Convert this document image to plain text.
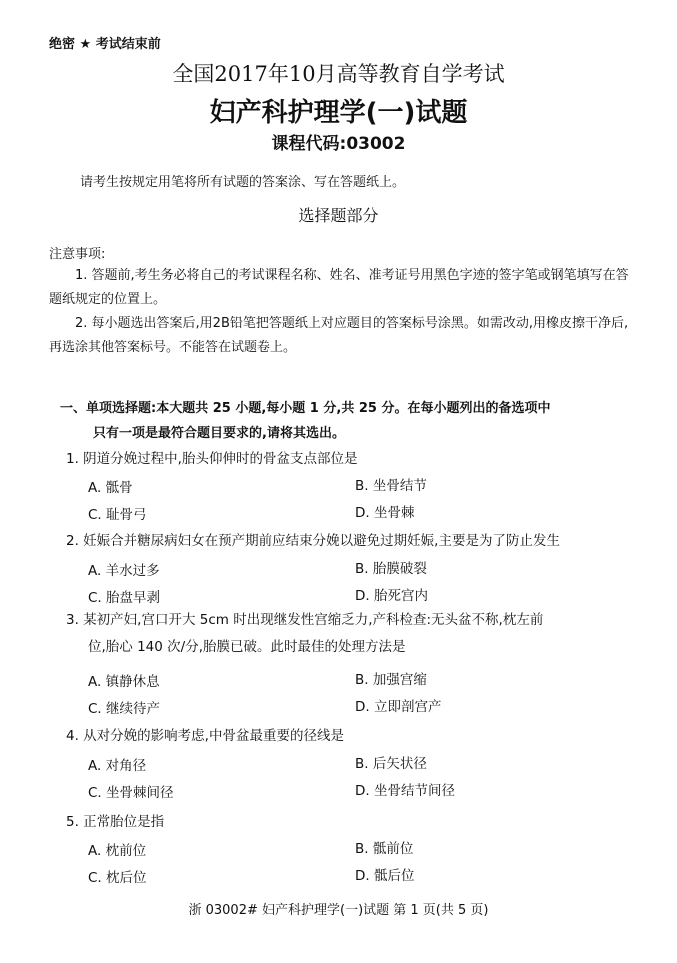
绝密 ★ 考试结束前
全国2017年10月高等教育自学考试
妇产科护理学(一)试题
课程代码:03002
请考生按规定用笔将所有试题的答案涂、写在答题纸上。
选择题部分
注意事项:
1. 答题前,考生务必将自己的考试课程名称、姓名、准考证号用黑色字迹的签字笔或钢笔填写在答题纸规定的位置上。
2. 每小题选出答案后,用2B铅笔把答题纸上对应题目的答案标号涂黑。如需改动,用橡皮擦干净后,再选涂其他答案标号。不能答在试题卷上。
一、单项选择题:本大题共 25 小题,每小题 1 分,共 25 分。在每小题列出的备选项中
只有一项是最符合题目要求的,请将其选出。
1. 阴道分娩过程中,胎头仰伸时的骨盆支点部位是
A. 骶骨	B. 坐骨结节
C. 耻骨弓	D. 坐骨棘
2. 妊娠合并糖尿病妇女在预产期前应结束分娩以避免过期妊娠,主要是为了防止发生
A. 羊水过多	B. 胎膜破裂
C. 胎盘早剥	D. 胎死宫内
3. 某初产妇,宫口开大 5cm 时出现继发性宫缩乏力,产科检查:无头盆不称,枕左前
位,胎心 140 次/分,胎膜已破。此时最佳的处理方法是
A. 镇静休息	B. 加强宫缩
C. 继续待产	D. 立即剖宫产
4. 从对分娩的影响考虑,中骨盆最重要的径线是
A. 对角径	B. 后矢状径
C. 坐骨棘间径	D. 坐骨结节间径
5. 正常胎位是指
A. 枕前位	B. 骶前位
C. 枕后位	D. 骶后位
浙 03002# 妇产科护理学(一)试题 第 1 页(共 5 页)
